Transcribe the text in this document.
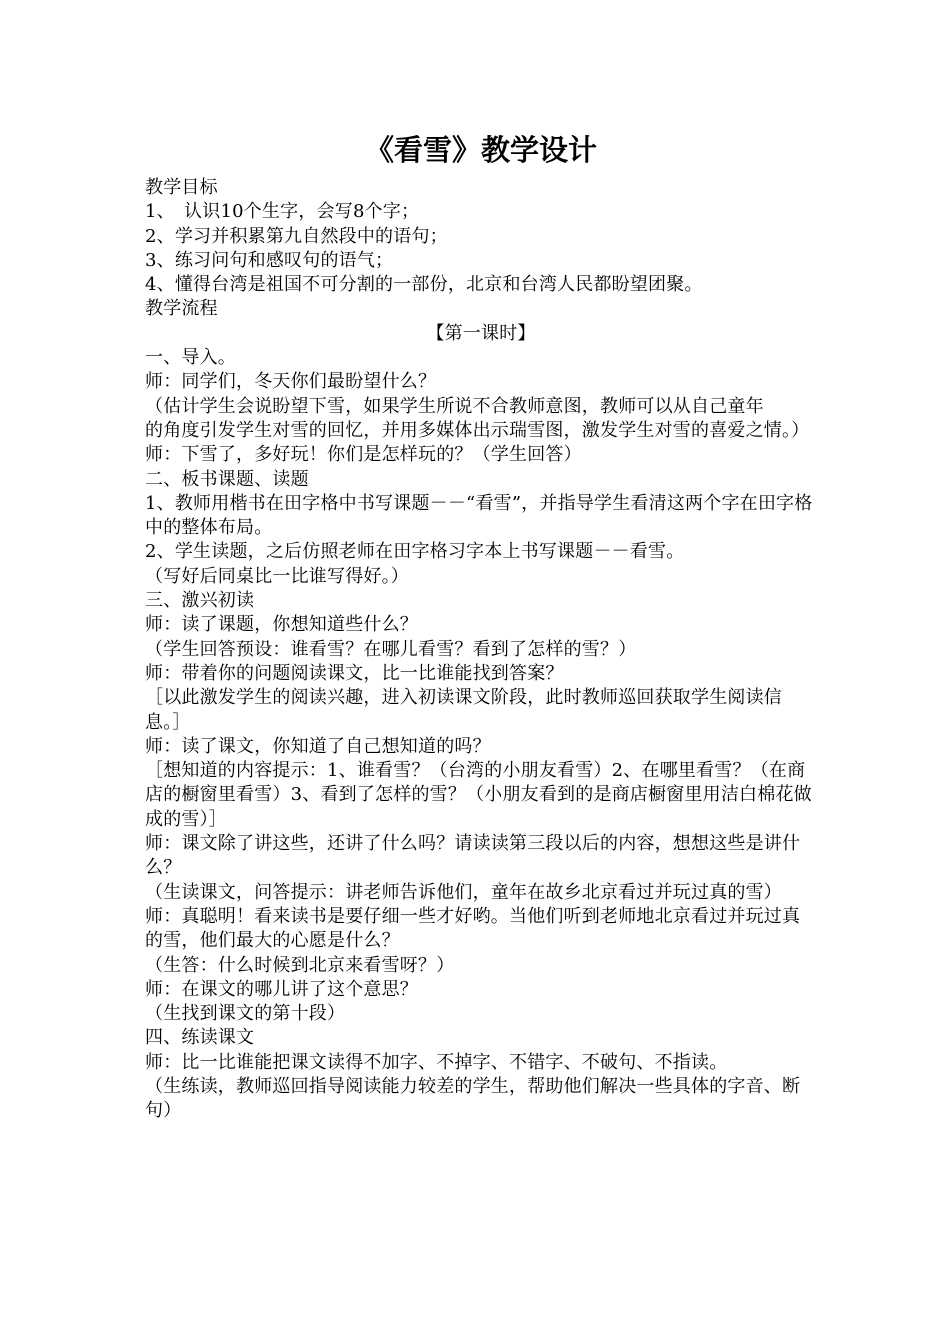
《看雪》教学设计

教学目标

1、　认识10个生字，会写8个字；

2、学习并积累第九自然段中的语句；

3、练习问句和感叹句的语气；

4、懂得台湾是祖国不可分割的一部份，北京和台湾人民都盼望团聚。

教学流程

【第一课时】

一、导入。

师：同学们，冬天你们最盼望什么？

（估计学生会说盼望下雪，如果学生所说不合教师意图，教师可以从自己童年

的角度引发学生对雪的回忆，并用多媒体出示瑞雪图，激发学生对雪的喜爱之情。）

师：下雪了，多好玩！你们是怎样玩的？（学生回答）

二、板书课题、读题

1、教师用楷书在田字格中书写课题－－“看雪”，并指导学生看清这两个字在田字格中的整体布局。

2、学生读题，之后仿照老师在田字格习字本上书写课题－－看雪。

（写好后同桌比一比谁写得好。）

三、激兴初读

师：读了课题，你想知道些什么？

（学生回答预设：谁看雪？在哪儿看雪？看到了怎样的雪？）

师：带着你的问题阅读课文，比一比谁能找到答案？

［以此激发学生的阅读兴趣，进入初读课文阶段，此时教师巡回获取学生阅读信息。］

师：读了课文，你知道了自己想知道的吗？

［想知道的内容提示：1、谁看雪？（台湾的小朋友看雪）2、在哪里看雪？（在商店的橱窗里看雪）3、看到了怎样的雪？（小朋友看到的是商店橱窗里用洁白棉花做成的雪）］

师：课文除了讲这些，还讲了什么吗？请读读第三段以后的内容，想想这些是讲什么？

（生读课文，问答提示：讲老师告诉他们，童年在故乡北京看过并玩过真的雪）

师：真聪明！看来读书是要仔细一些才好哟。当他们听到老师地北京看过并玩过真的雪，他们最大的心愿是什么？

（生答：什么时候到北京来看雪呀？）

师：在课文的哪儿讲了这个意思？

（生找到课文的第十段）

四、练读课文

师：比一比谁能把课文读得不加字、不掉字、不错字、不破句、不指读。

（生练读，教师巡回指导阅读能力较差的学生，帮助他们解决一些具体的字音、断句）
